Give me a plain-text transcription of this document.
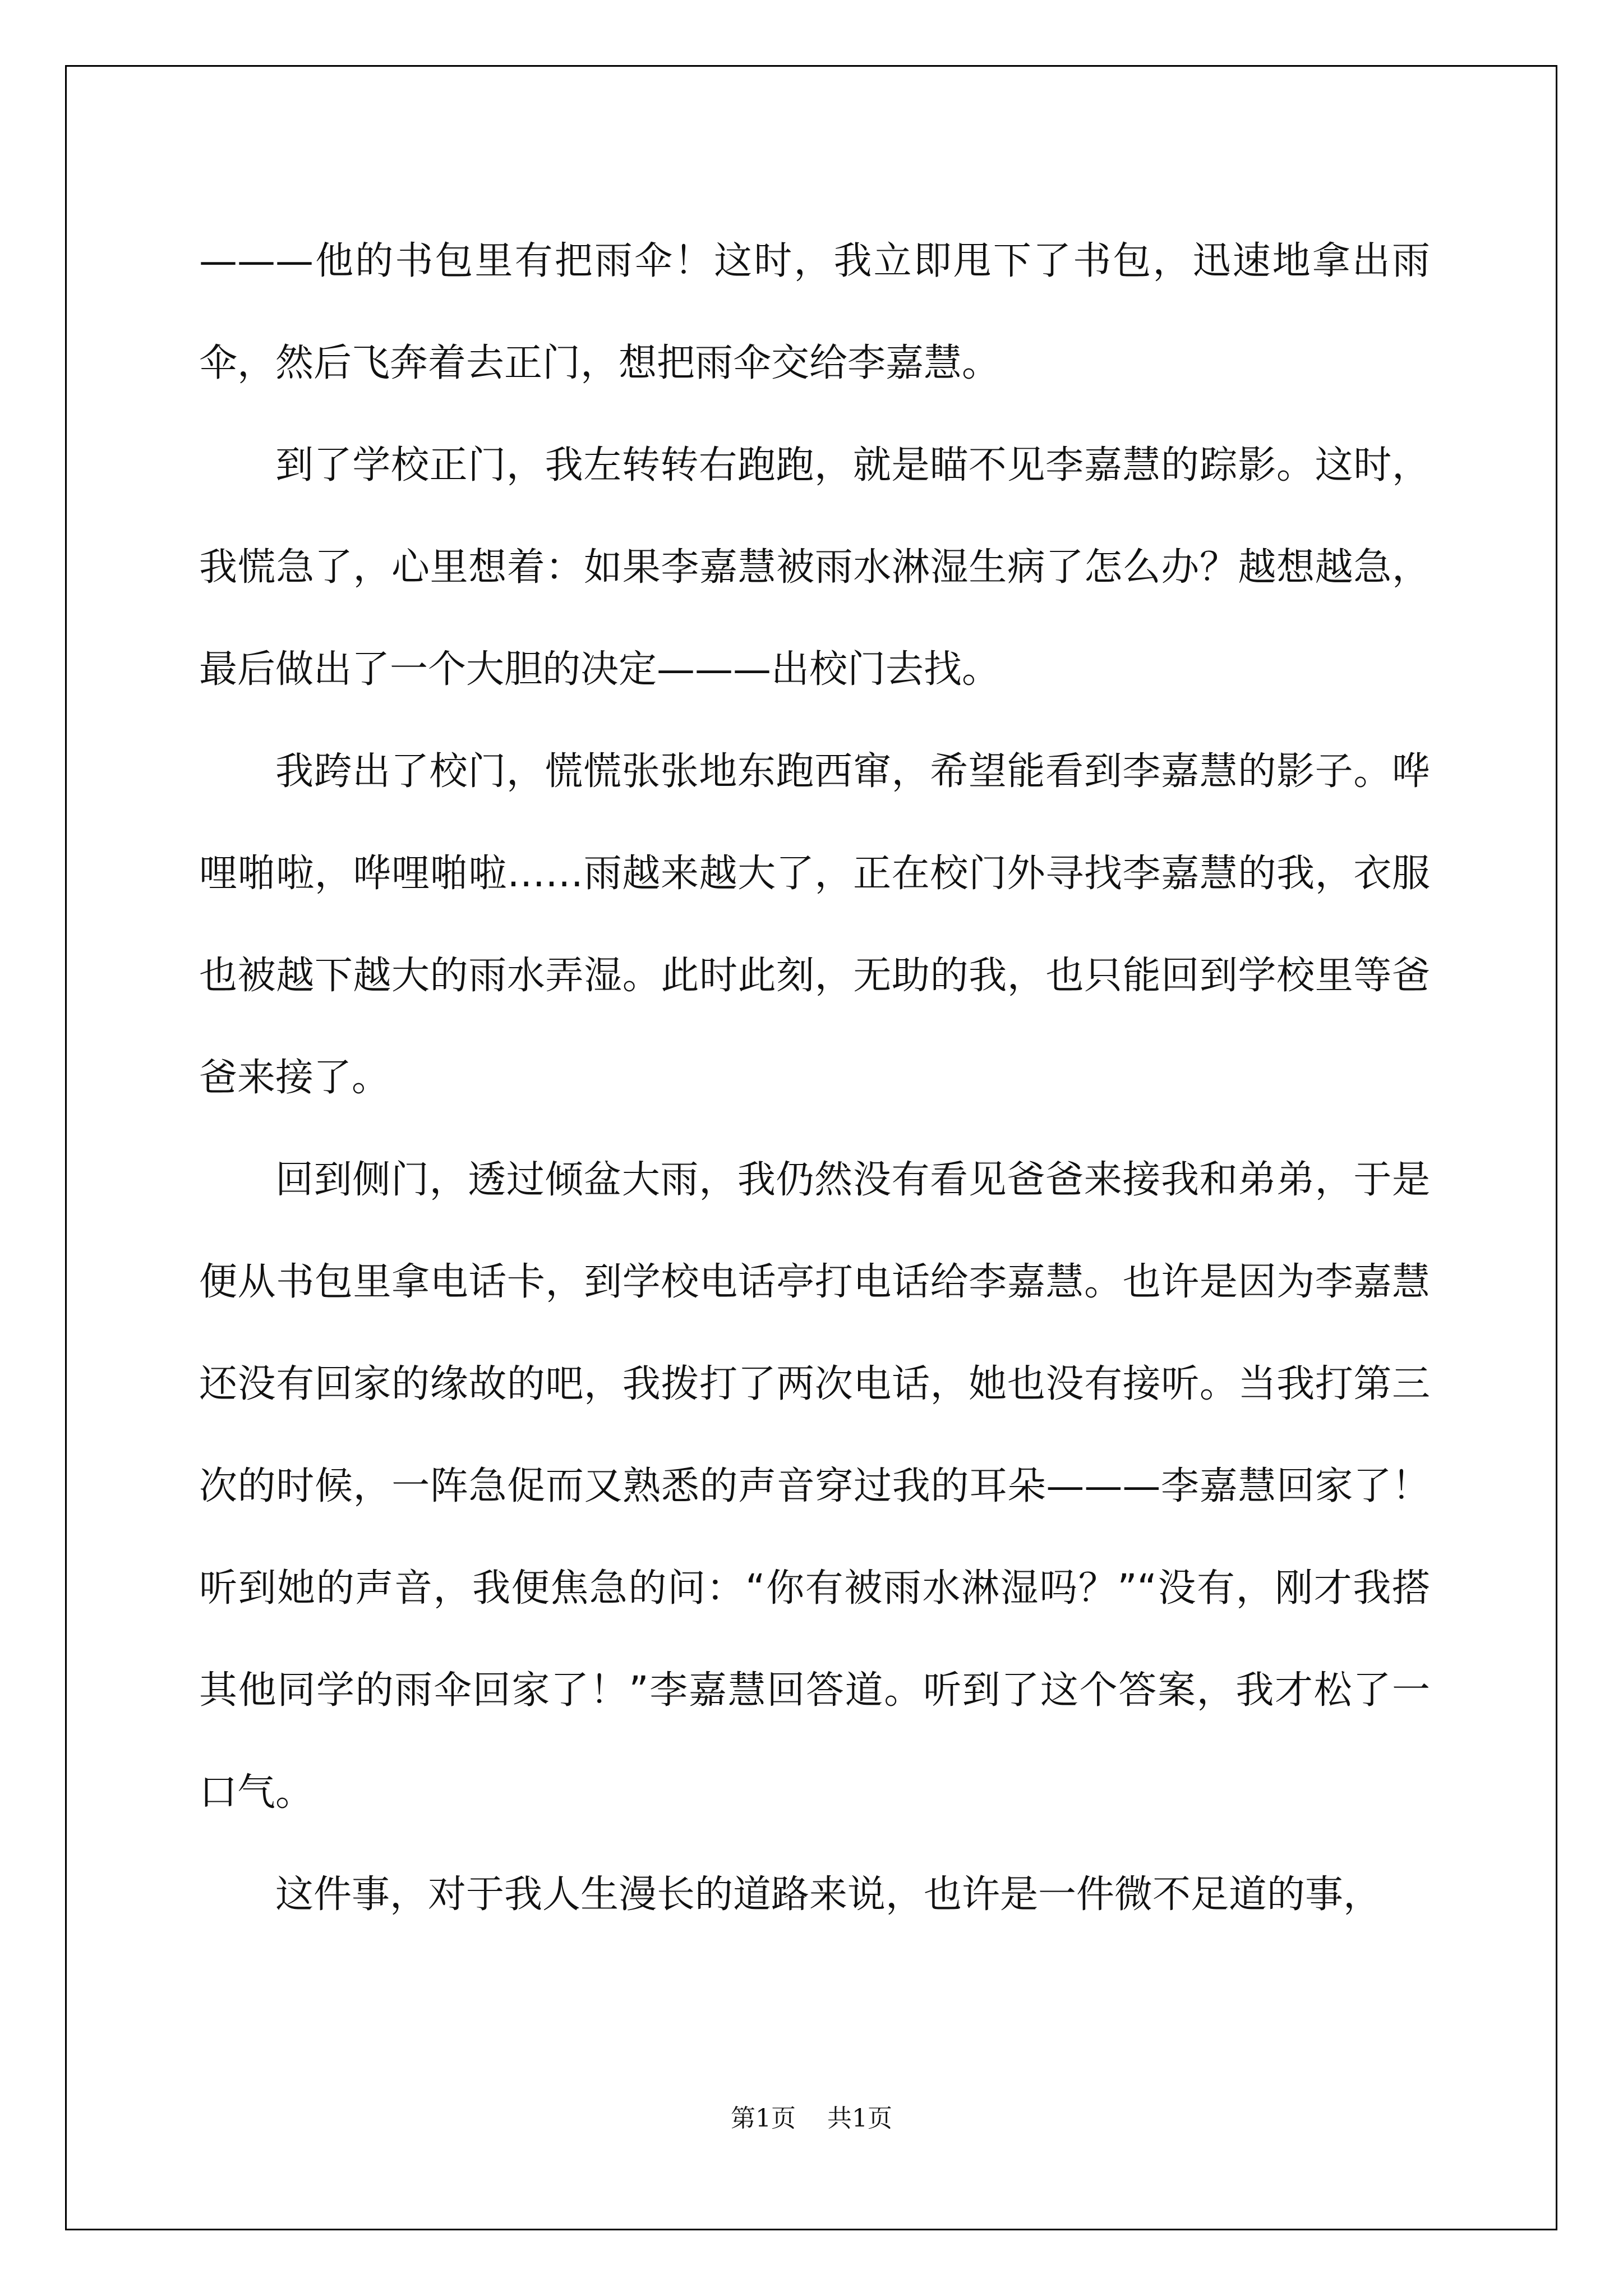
———他的书包里有把雨伞！这时，我立即甩下了书包，迅速地拿出雨伞，然后飞奔着去正门，想把雨伞交给李嘉慧。

到了学校正门，我左转转右跑跑，就是瞄不见李嘉慧的踪影。这时，我慌急了，心里想着：如果李嘉慧被雨水淋湿生病了怎么办？越想越急，最后做出了一个大胆的决定———出校门去找。

我跨出了校门，慌慌张张地东跑西窜，希望能看到李嘉慧的影子。哗哩啪啦，哗哩啪啦……雨越来越大了，正在校门外寻找李嘉慧的我，衣服也被越下越大的雨水弄湿。此时此刻，无助的我，也只能回到学校里等爸爸来接了。

回到侧门，透过倾盆大雨，我仍然没有看见爸爸来接我和弟弟，于是便从书包里拿电话卡，到学校电话亭打电话给李嘉慧。也许是因为李嘉慧还没有回家的缘故的吧，我拨打了两次电话，她也没有接听。当我打第三次的时候，一阵急促而又熟悉的声音穿过我的耳朵———李嘉慧回家了！听到她的声音，我便焦急的问：“你有被雨水淋湿吗？”“没有，刚才我搭其他同学的雨伞回家了！”李嘉慧回答道。听到了这个答案，我才松了一口气。

这件事，对于我人生漫长的道路来说，也许是一件微不足道的事，

第1页 共1页
